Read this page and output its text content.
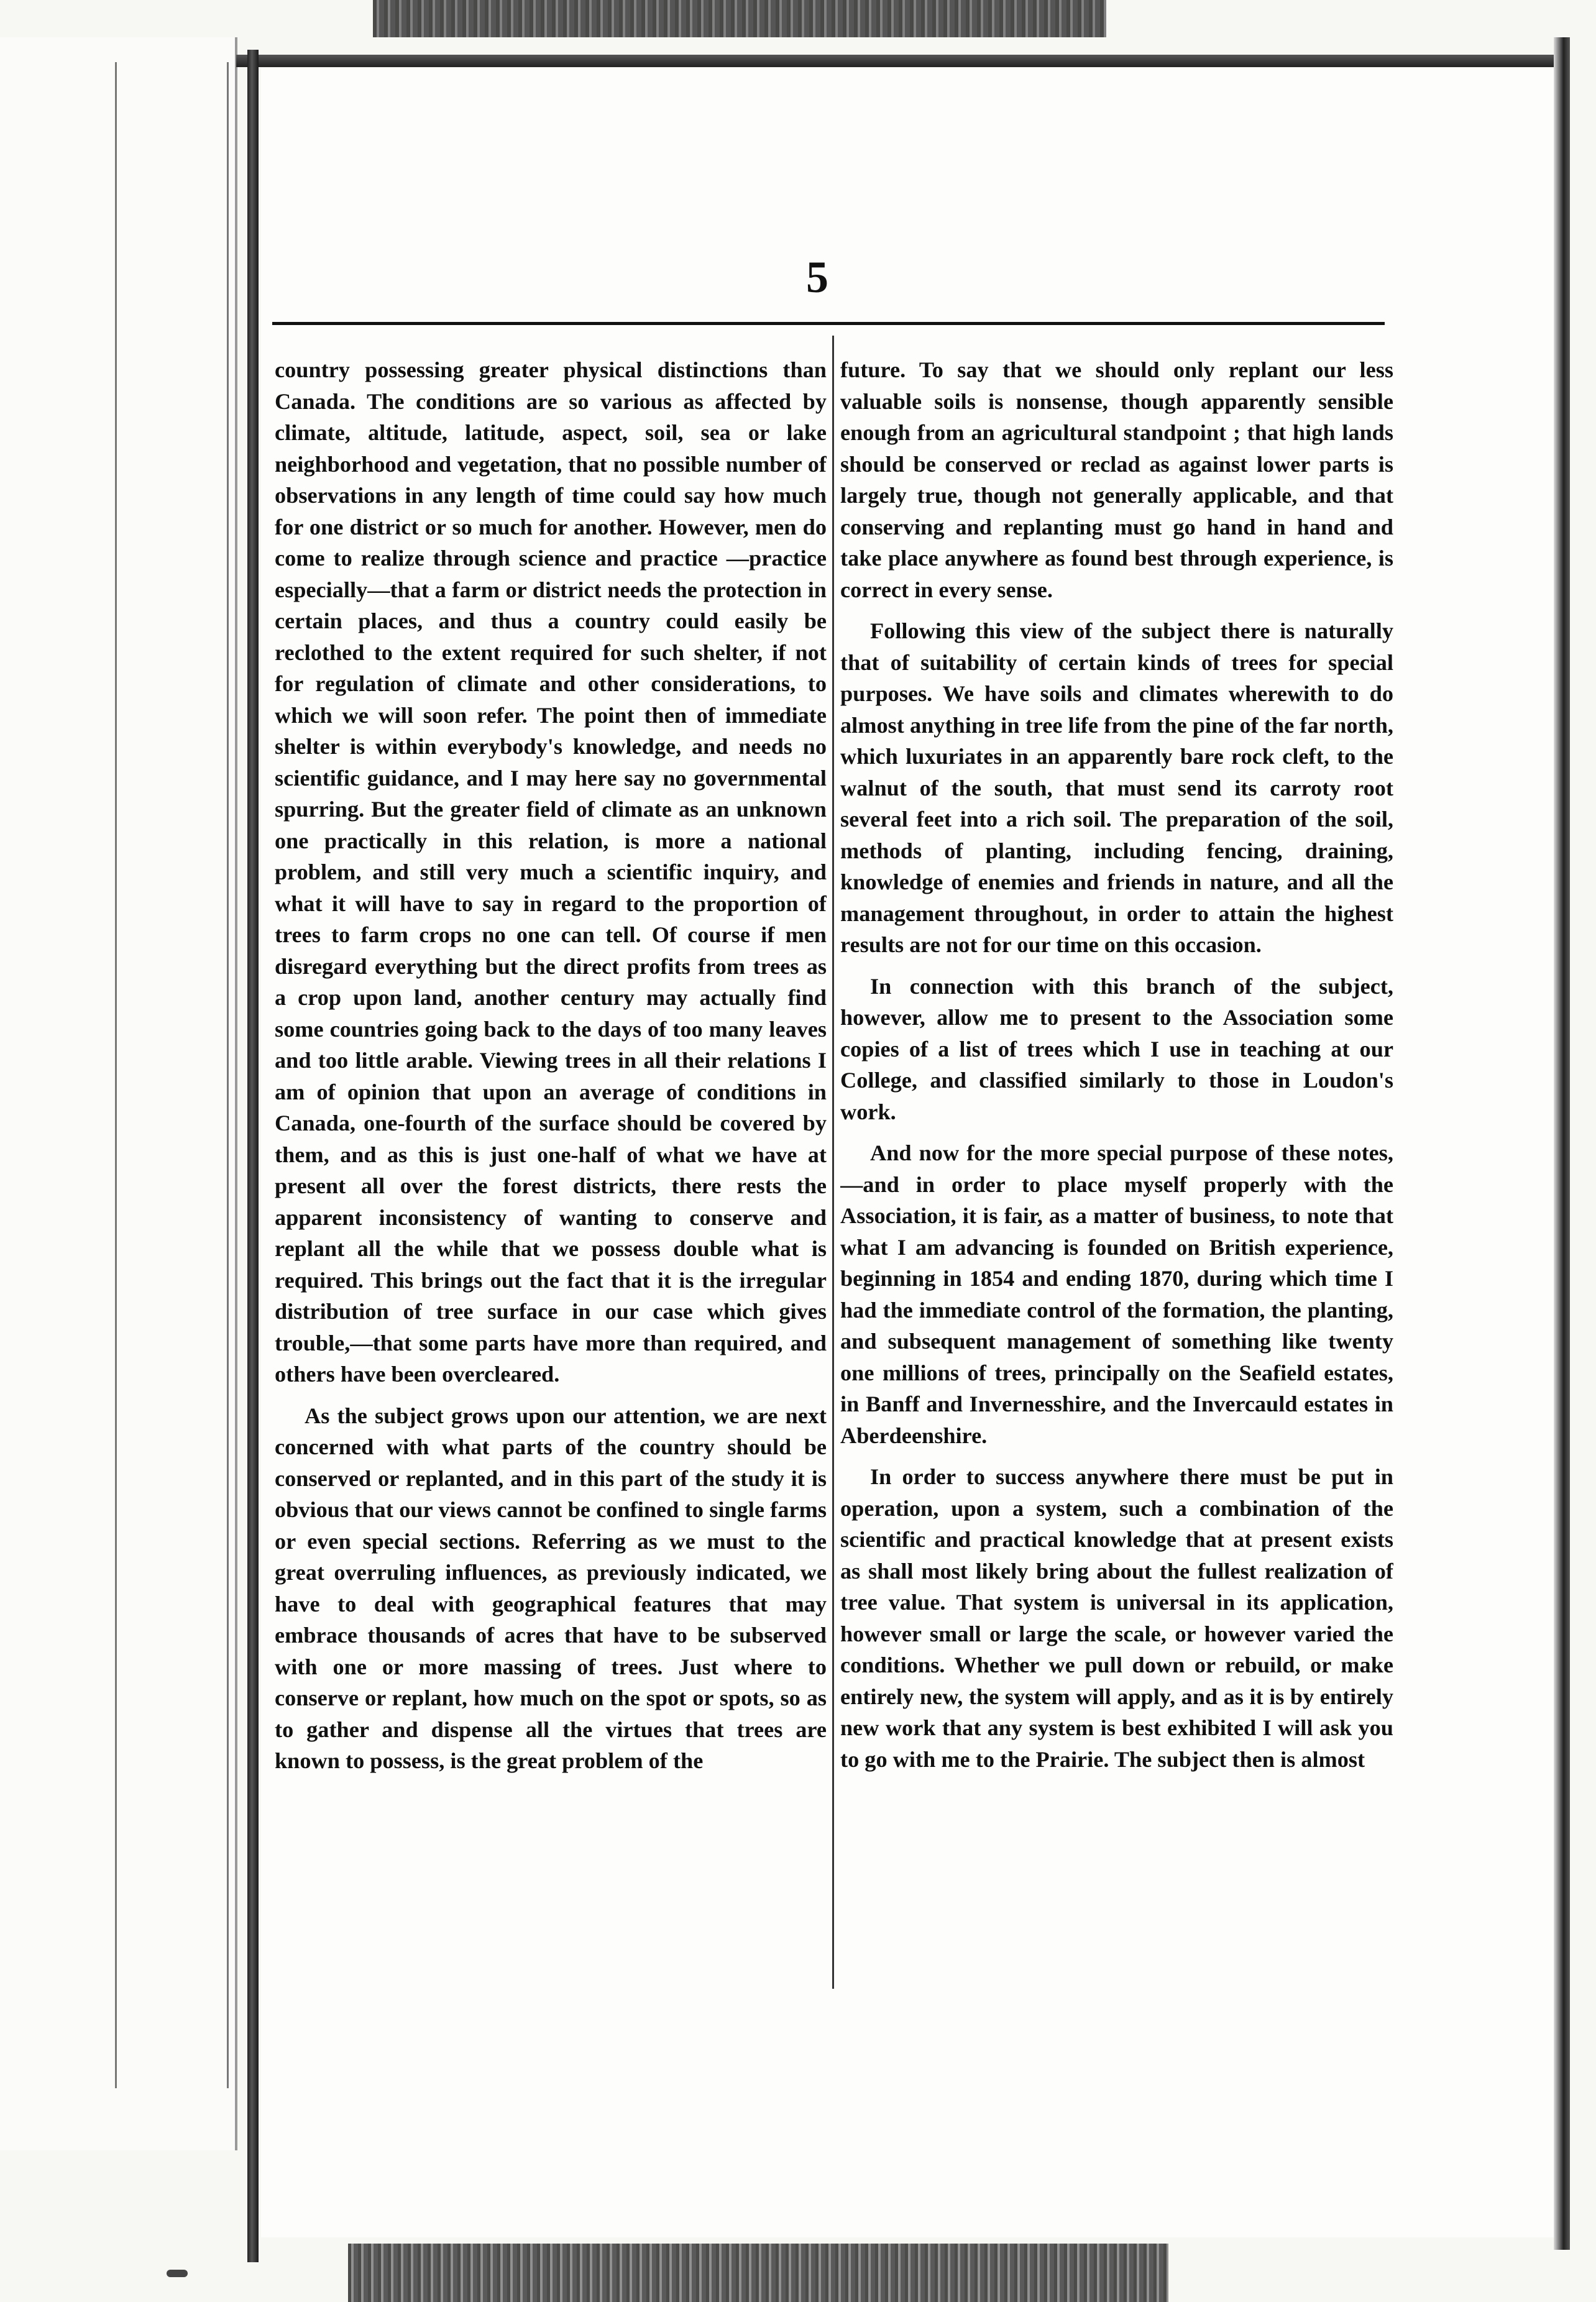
5

country possessing greater physical distinctions than Canada. The conditions are so various as affected by climate, altitude, latitude, aspect, soil, sea or lake neighborhood and vegetation, that no possible number of observations in any length of time could say how much for one district or so much for another. However, men do come to realize through science and practice —practice especially—that a farm or district needs the protection in certain places, and thus a country could easily be reclothed to the extent required for such shelter, if not for regulation of climate and other considerations, to which we will soon refer. The point then of immediate shelter is within everybody's knowledge, and needs no scientific guidance, and I may here say no governmental spurring. But the greater field of climate as an unknown one practically in this relation, is more a national problem, and still very much a scientific inquiry, and what it will have to say in regard to the proportion of trees to farm crops no one can tell. Of course if men disregard everything but the direct profits from trees as a crop upon land, another century may actually find some countries going back to the days of too many leaves and too little arable. Viewing trees in all their relations I am of opinion that upon an average of conditions in Canada, one-fourth of the surface should be covered by them, and as this is just one-half of what we have at present all over the forest districts, there rests the apparent inconsistency of wanting to conserve and replant all the while that we possess double what is required. This brings out the fact that it is the irregular distribution of tree surface in our case which gives trouble,—that some parts have more than required, and others have been overcleared.

As the subject grows upon our attention, we are next concerned with what parts of the country should be conserved or replanted, and in this part of the study it is obvious that our views cannot be confined to single farms or even special sections. Referring as we must to the great overruling influences, as previously indicated, we have to deal with geographical features that may embrace thousands of acres that have to be subserved with one or more massing of trees. Just where to conserve or replant, how much on the spot or spots, so as to gather and dispense all the virtues that trees are known to possess, is the great problem of the

future. To say that we should only replant our less valuable soils is nonsense, though apparently sensible enough from an agricultural standpoint ; that high lands should be conserved or reclad as against lower parts is largely true, though not generally applicable, and that conserving and replanting must go hand in hand and take place anywhere as found best through experience, is correct in every sense.

Following this view of the subject there is naturally that of suitability of certain kinds of trees for special purposes. We have soils and climates wherewith to do almost anything in tree life from the pine of the far north, which luxuriates in an apparently bare rock cleft, to the walnut of the south, that must send its carroty root several feet into a rich soil. The preparation of the soil, methods of planting, including fencing, draining, knowledge of enemies and friends in nature, and all the management throughout, in order to attain the highest results are not for our time on this occasion.

In connection with this branch of the subject, however, allow me to present to the Association some copies of a list of trees which I use in teaching at our College, and classified similarly to those in Loudon's work.

And now for the more special purpose of these notes,—and in order to place myself properly with the Association, it is fair, as a matter of business, to note that what I am advancing is founded on British experience, beginning in 1854 and ending 1870, during which time I had the immediate control of the formation, the planting, and subsequent management of something like twenty one millions of trees, principally on the Seafield estates, in Banff and Invernesshire, and the Invercauld estates in Aberdeenshire.

In order to success anywhere there must be put in operation, upon a system, such a combination of the scientific and practical knowledge that at present exists as shall most likely bring about the fullest realization of tree value. That system is universal in its application, however small or large the scale, or however varied the conditions. Whether we pull down or rebuild, or make entirely new, the system will apply, and as it is by entirely new work that any system is best exhibited I will ask you to go with me to the Prairie. The subject then is almost
